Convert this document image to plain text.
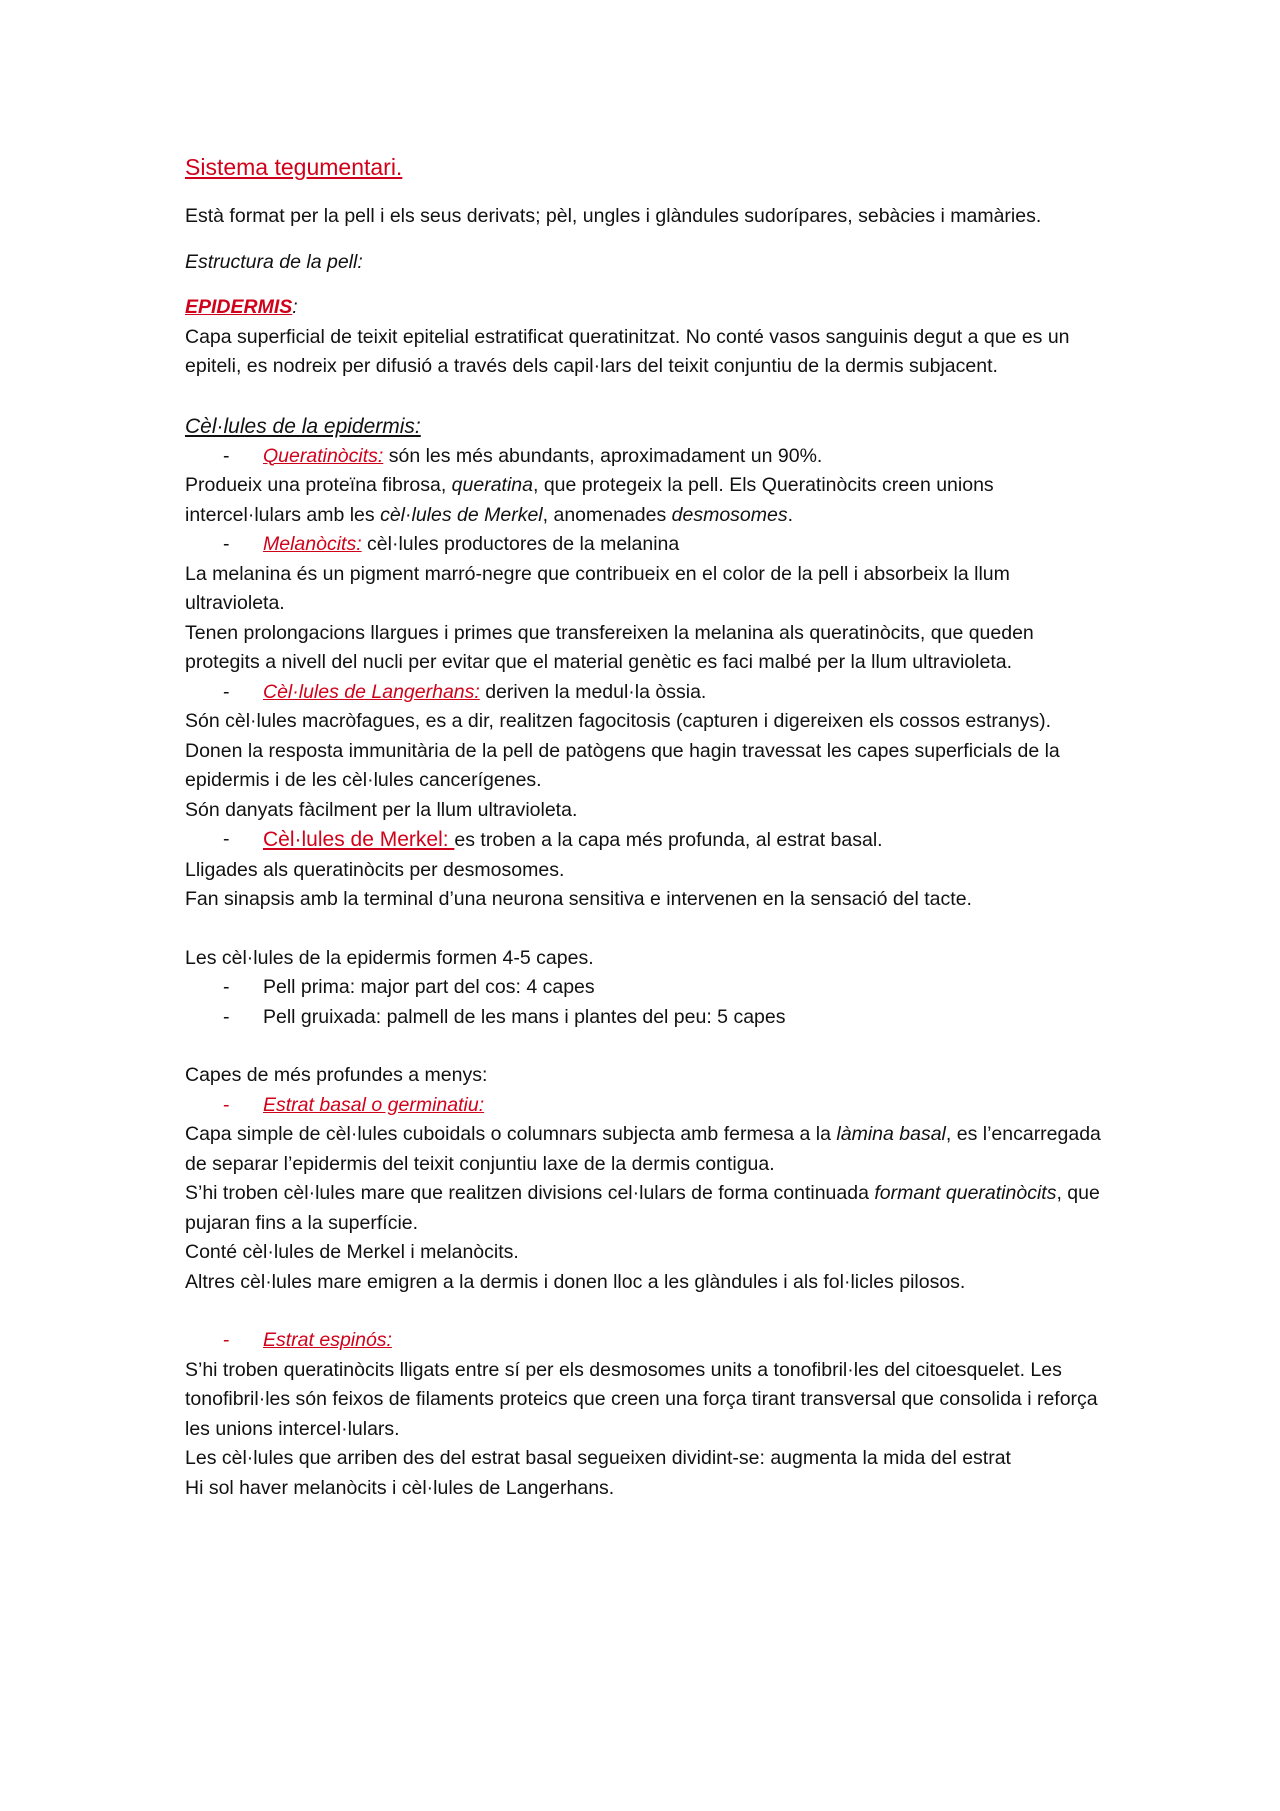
Sistema tegumentari.

Està format per la pell i els seus derivats; pèl, ungles i glàndules sudorípares, sebàcies i mamàries.

Estructura de la pell:

EPIDERMIS:

Capa superficial de teixit epitelial estratificat queratinitzat. No conté vasos sanguinis degut a que es un epiteli, es nodreix per difusió a través dels capil·lars del teixit conjuntiu de la dermis subjacent.

Cèl·lules de la epidermis:

- Queratinòcits: són les més abundants, aproximadament un 90%.

Produeix una proteïna fibrosa, queratina, que protegeix la pell. Els Queratinòcits creen unions intercel·lulars amb les cèl·lules de Merkel, anomenades desmosomes.

- Melanòcits: cèl·lules productores de la melanina

La melanina és un pigment marró-negre que contribueix en el color de la pell i absorbeix la llum ultravioleta.

Tenen prolongacions llargues i primes que transfereixen la melanina als queratinòcits, que queden protegits a nivell del nucli per evitar que el material genètic es faci malbé per la llum ultravioleta.

- Cèl·lules de Langerhans: deriven la medul·la òssia.

Són cèl·lules macròfagues, es a dir, realitzen fagocitosis (capturen i digereixen els cossos estranys).

Donen la resposta immunitària de la pell de patògens que hagin travessat les capes superficials de la epidermis i de les cèl·lules cancerígenes.

Són danyats fàcilment per la llum ultravioleta.

- Cèl·lules de Merkel: es troben a la capa més profunda, al estrat basal.

Lligades als queratinòcits per desmosomes.

Fan sinapsis amb la terminal d’una neurona sensitiva e intervenen en la sensació del tacte.

Les cèl·lules de la epidermis formen 4-5 capes.

- Pell prima: major part del cos: 4 capes

- Pell gruixada: palmell de les mans i plantes del peu: 5 capes

Capes de més profundes a menys:

- Estrat basal o germinatiu:

Capa simple de cèl·lules cuboidals o columnars subjecta amb fermesa a la làmina basal, es l’encarregada de separar l’epidermis del teixit conjuntiu laxe de la dermis contigua.

S’hi troben cèl·lules mare que realitzen divisions cel·lulars de forma continuada formant queratinòcits, que pujaran fins a la superfície.

Conté cèl·lules de Merkel i melanòcits.

Altres cèl·lules mare emigren a la dermis i donen lloc a les glàndules i als fol·licles pilosos.

- Estrat espinós:

S’hi troben queratinòcits lligats entre sí per els desmosomes units a tonofibril·les del citoesquelet. Les tonofibril·les són feixos de filaments proteics que creen una força tirant transversal que consolida i reforça les unions intercel·lulars.

Les cèl·lules que arriben des del estrat basal segueixen dividint-se: augmenta la mida del estrat

Hi sol haver melanòcits i cèl·lules de Langerhans.
